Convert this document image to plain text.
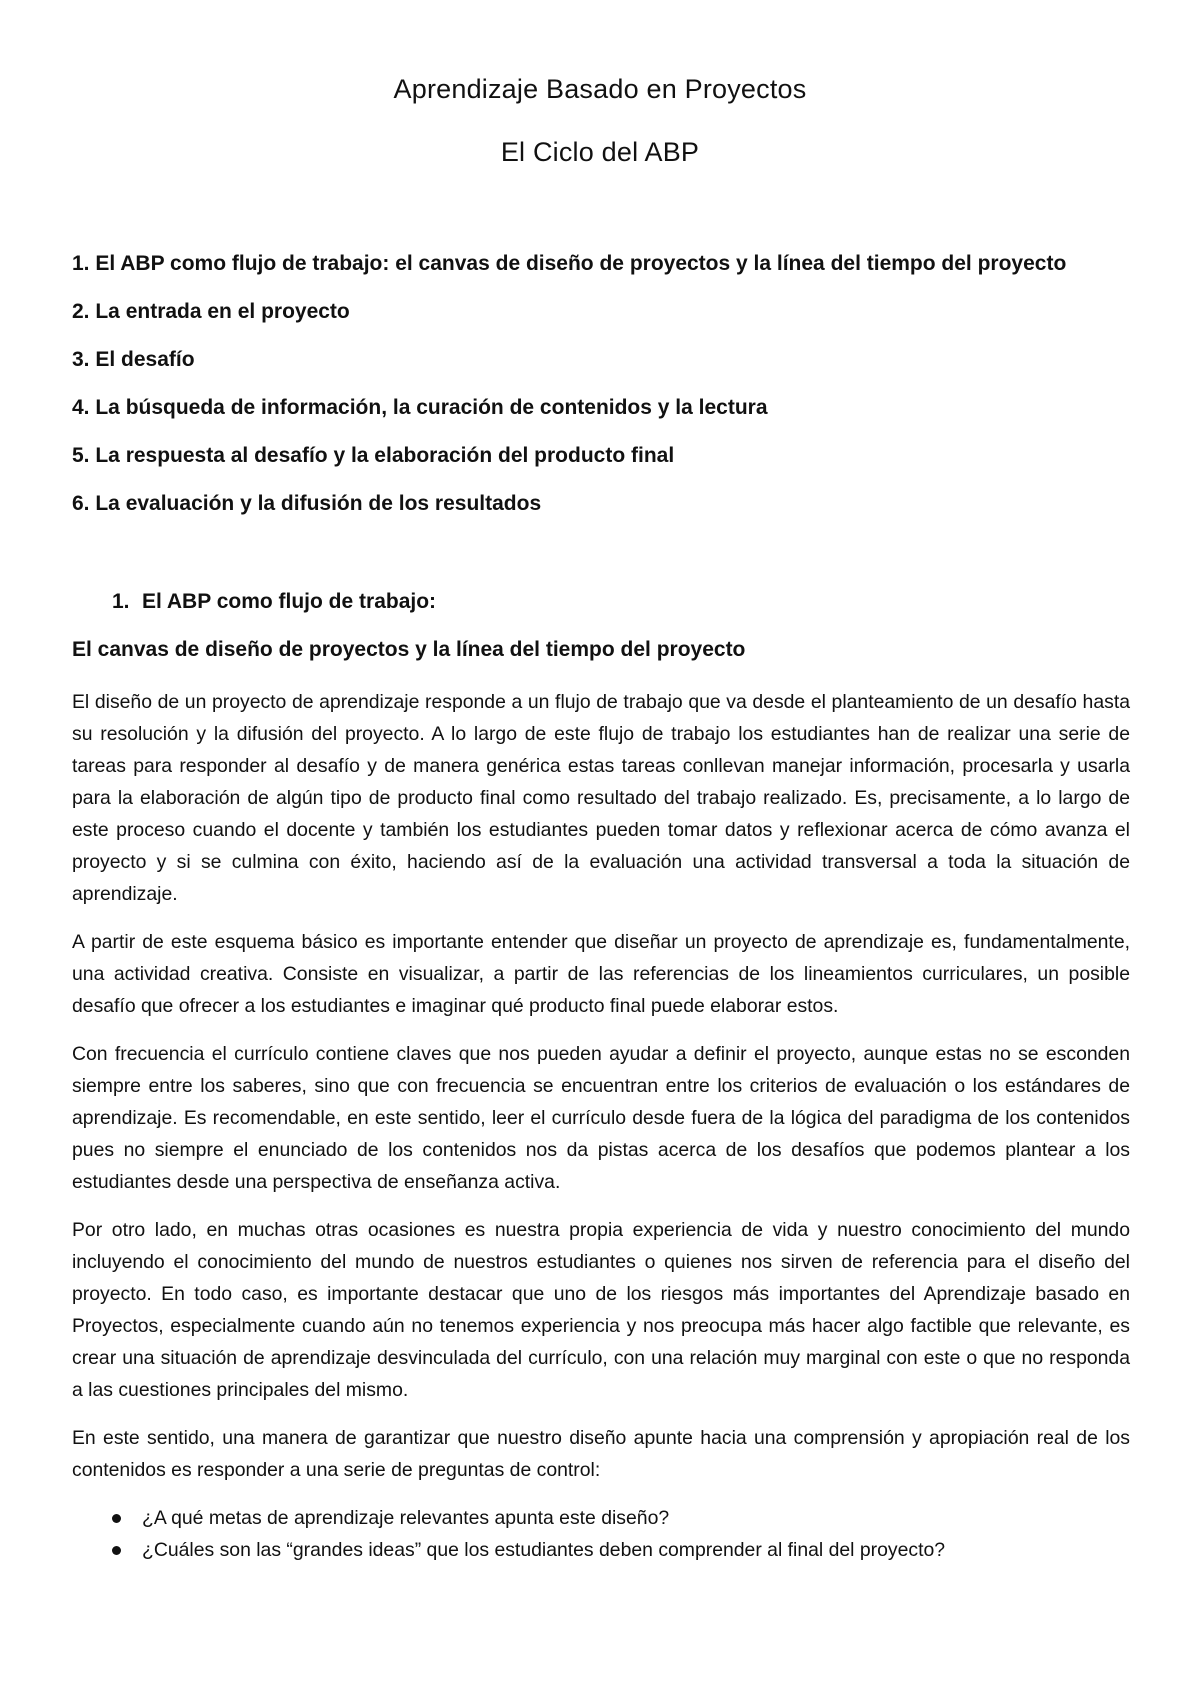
Aprendizaje Basado en Proyectos
El Ciclo del ABP
1. El ABP como flujo de trabajo: el canvas de diseño de proyectos y la línea del tiempo del proyecto
2. La entrada en el proyecto
3. El desafío
4. La búsqueda de información, la curación de contenidos y la lectura
5. La respuesta al desafío y la elaboración del producto final
6. La evaluación y la difusión de los resultados
1. El ABP como flujo de trabajo:
El canvas de diseño de proyectos y la línea del tiempo del proyecto

El diseño de un proyecto de aprendizaje responde a un flujo de trabajo que va desde el planteamiento de un desafío hasta su resolución y la difusión del proyecto. A lo largo de este flujo de trabajo los estudiantes han de realizar una serie de tareas para responder al desafío y de manera genérica estas tareas conllevan manejar información, procesarla y usarla para la elaboración de algún tipo de producto final como resultado del trabajo realizado. Es, precisamente, a lo largo de este proceso cuando el docente y también los estudiantes pueden tomar datos y reflexionar acerca de cómo avanza el proyecto y si se culmina con éxito, haciendo así de la evaluación una actividad transversal a toda la situación de aprendizaje.

A partir de este esquema básico es importante entender que diseñar un proyecto de aprendizaje es, fundamentalmente, una actividad creativa. Consiste en visualizar, a partir de las referencias de los lineamientos curriculares, un posible desafío que ofrecer a los estudiantes e imaginar qué producto final puede elaborar estos.

Con frecuencia el currículo contiene claves que nos pueden ayudar a definir el proyecto, aunque estas no se esconden siempre entre los saberes, sino que con frecuencia se encuentran entre los criterios de evaluación o los estándares de aprendizaje. Es recomendable, en este sentido, leer el currículo desde fuera de la lógica del paradigma de los contenidos pues no siempre el enunciado de los contenidos nos da pistas acerca de los desafíos que podemos plantear a los estudiantes desde una perspectiva de enseñanza activa.

Por otro lado, en muchas otras ocasiones es nuestra propia experiencia de vida y nuestro conocimiento del mundo incluyendo el conocimiento del mundo de nuestros estudiantes o quienes nos sirven de referencia para el diseño del proyecto. En todo caso, es importante destacar que uno de los riesgos más importantes del Aprendizaje basado en Proyectos, especialmente cuando aún no tenemos experiencia y nos preocupa más hacer algo factible que relevante, es crear una situación de aprendizaje desvinculada del currículo, con una relación muy marginal con este o que no responda a las cuestiones principales del mismo.

En este sentido, una manera de garantizar que nuestro diseño apunte hacia una comprensión y apropiación real de los contenidos es responder a una serie de preguntas de control:

¿A qué metas de aprendizaje relevantes apunta este diseño?
¿Cuáles son las “grandes ideas” que los estudiantes deben comprender al final del proyecto?
